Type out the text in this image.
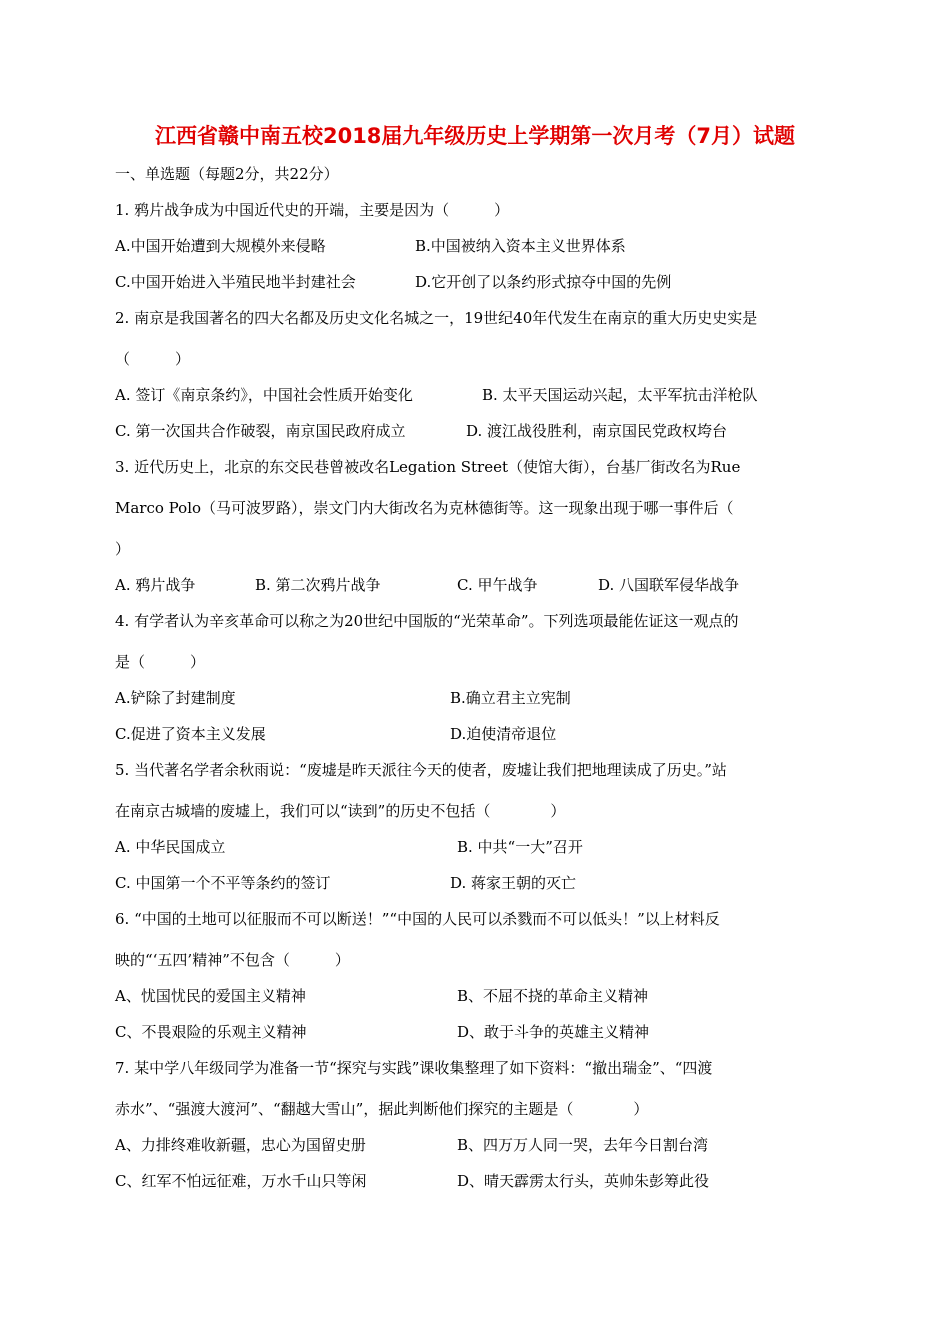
江西省赣中南五校2018届九年级历史上学期第一次月考（7月）试题
一、单选题（每题2分，共22分）
1. 鸦片战争成为中国近代史的开端，主要是因为（　　　）
A.中国开始遭到大规模外来侵略	B.中国被纳入资本主义世界体系
C.中国开始进入半殖民地半封建社会	D.它开创了以条约形式掠夺中国的先例
2. 南京是我国著名的四大名都及历史文化名城之一，19世纪40年代发生在南京的重大历史史实是
（　　　）
A. 签订《南京条约》，中国社会性质开始变化	B. 太平天国运动兴起，太平军抗击洋枪队
C. 第一次国共合作破裂，南京国民政府成立	D. 渡江战役胜利，南京国民党政权垮台
3. 近代历史上，北京的东交民巷曾被改名Legation Street（使馆大街），台基厂街改名为Rue
Marco Polo（马可波罗路），崇文门内大街改名为克林德街等。这一现象出现于哪一事件后（
）
A. 鸦片战争	B. 第二次鸦片战争	C. 甲午战争	D. 八国联军侵华战争
4. 有学者认为辛亥革命可以称之为20世纪中国版的“光荣革命”。下列选项最能佐证这一观点的
是（　　　）
A.铲除了封建制度	B.确立君主立宪制
C.促进了资本主义发展	D.迫使清帝退位
5. 当代著名学者余秋雨说：“废墟是昨天派往今天的使者，废墟让我们把地理读成了历史。”站
在南京古城墙的废墟上，我们可以“读到”的历史不包括（　　　　）
A. 中华民国成立	B. 中共“一大”召开
C. 中国第一个不平等条约的签订	D. 蒋家王朝的灭亡
6. “中国的土地可以征服而不可以断送！”“中国的人民可以杀戮而不可以低头！”以上材料反
映的“‘五四’精神”不包含（　　　）
A、忧国忧民的爱国主义精神	B、不屈不挠的革命主义精神
C、不畏艰险的乐观主义精神	D、敢于斗争的英雄主义精神
7. 某中学八年级同学为准备一节“探究与实践”课收集整理了如下资料：“撤出瑞金”、“四渡
赤水”、“强渡大渡河”、“翻越大雪山”，据此判断他们探究的主题是（　　　　）
A、力排终难收新疆，忠心为国留史册	B、四万万人同一哭，去年今日割台湾
C、红军不怕远征难，万水千山只等闲	D、晴天霹雳太行头，英帅朱彭筹此役
